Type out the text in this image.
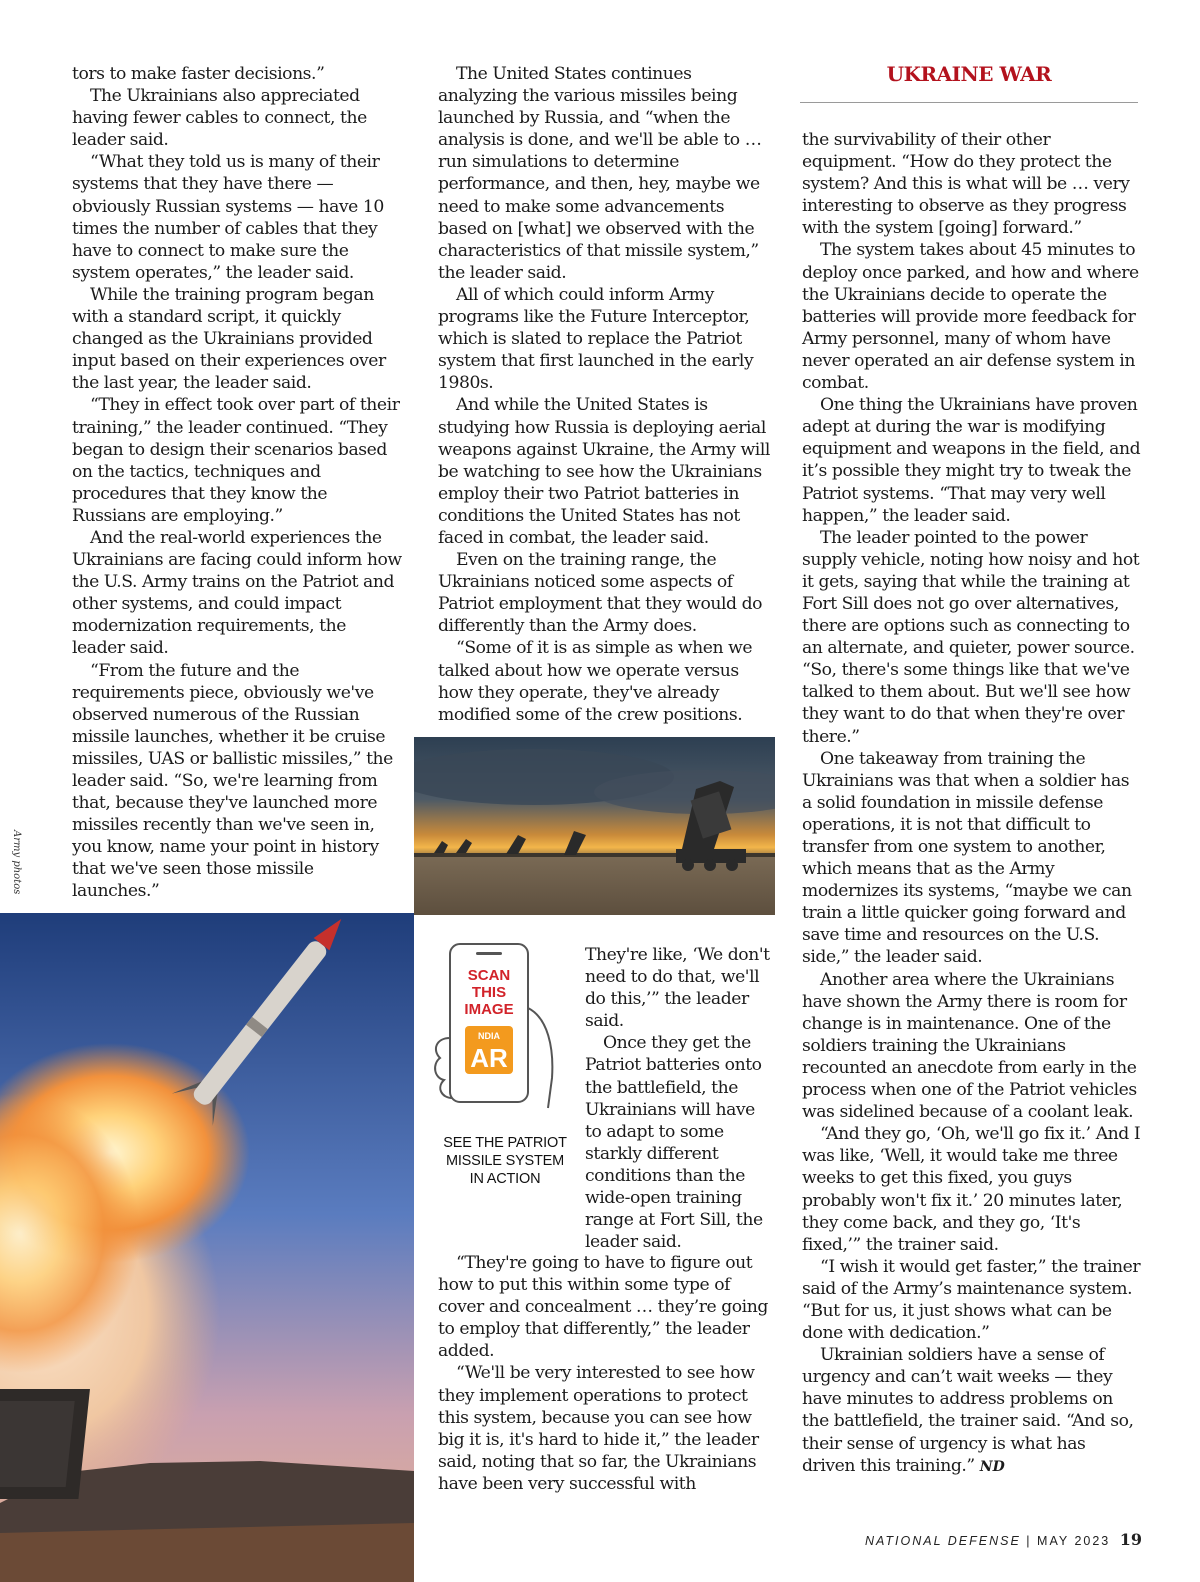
UKRAINE WAR
Army photos

tors to make faster decisions.”

The Ukrainians also appreciated having fewer cables to connect, the leader said.

“What they told us is many of their systems that they have there — obviously Russian systems — have 10 times the number of cables that they have to connect to make sure the system operates,” the leader said.

While the training program began with a standard script, it quickly changed as the Ukrainians provided input based on their experiences over the last year, the leader said.

“They in effect took over part of their training,” the leader continued. “They began to design their scenarios based on the tactics, techniques and procedures that they know the Russians are employing.”

And the real-world experiences the Ukrainians are facing could inform how the U.S. Army trains on the Patriot and other systems, and could impact modernization requirements, the leader said.

“From the future and the requirements piece, obviously we've observed numerous of the Russian missile launches, whether it be cruise missiles, UAS or ballistic missiles,” the leader said. “So, we're learning from that, because they've launched more missiles recently than we've seen in, you know, name your point in history that we've seen those missile launches.”

The United States continues analyzing the various missiles being launched by Russia, and “when the analysis is done, and we'll be able to … run simulations to determine performance, and then, hey, maybe we need to make some advancements based on [what] we observed with the characteristics of that missile system,” the leader said.

All of which could inform Army programs like the Future Interceptor, which is slated to replace the Patriot system that first launched in the early 1980s.

And while the United States is studying how Russia is deploying aerial weapons against Ukraine, the Army will be watching to see how the Ukrainians employ their two Patriot batteries in conditions the United States has not faced in combat, the leader said.

Even on the training range, the Ukrainians noticed some aspects of Patriot employment that they would do differently than the Army does.

“Some of it is as simple as when we talked about how we operate versus how they operate, they've already modified some of the crew positions.

SCAN
THIS
IMAGE
NDIA
AR
SEE THE PATRIOT MISSILE SYSTEM IN ACTION

They're like, ‘We don't need to do that, we'll do this,’” the leader said.

Once they get the Patriot batteries onto the battlefield, the Ukrainians will have to adapt to some starkly different conditions than the wide-open training range at Fort Sill, the leader said.

“They're going to have to figure out how to put this within some type of cover and concealment … they’re going to employ that differently,” the leader added.

“We'll be very interested to see how they implement operations to protect this system, because you can see how big it is, it's hard to hide it,” the leader said, noting that so far, the Ukrainians have been very successful with

the survivability of their other equipment. “How do they protect the system? And this is what will be … very interesting to observe as they progress with the system [going] forward.”

The system takes about 45 minutes to deploy once parked, and how and where the Ukrainians decide to operate the batteries will provide more feedback for Army personnel, many of whom have never operated an air defense system in combat.

One thing the Ukrainians have proven adept at during the war is modifying equipment and weapons in the field, and it’s possible they might try to tweak the Patriot systems. “That may very well happen,” the leader said.

The leader pointed to the power supply vehicle, noting how noisy and hot it gets, saying that while the training at Fort Sill does not go over alternatives, there are options such as connecting to an alternate, and quieter, power source. “So, there's some things like that we've talked to them about. But we'll see how they want to do that when they're over there.”

One takeaway from training the Ukrainians was that when a soldier has a solid foundation in missile defense operations, it is not that difficult to transfer from one system to another, which means that as the Army modernizes its systems, “maybe we can train a little quicker going forward and save time and resources on the U.S. side,” the leader said.

Another area where the Ukrainians have shown the Army there is room for change is in maintenance. One of the soldiers training the Ukrainians recounted an anecdote from early in the process when one of the Patriot vehicles was sidelined because of a coolant leak.

“And they go, ‘Oh, we'll go fix it.’ And I was like, ‘Well, it would take me three weeks to get this fixed, you guys probably won't fix it.’ 20 minutes later, they come back, and they go, ‘It's fixed,’” the trainer said.

“I wish it would get faster,” the trainer said of the Army’s maintenance system. “But for us, it just shows what can be done with dedication.”

Ukrainian soldiers have a sense of urgency and can’t wait weeks — they have minutes to address problems on the battlefield, the trainer said. “And so, their sense of urgency is what has driven this training.” ND

NATIONAL DEFENSE | MAY 2023 19
